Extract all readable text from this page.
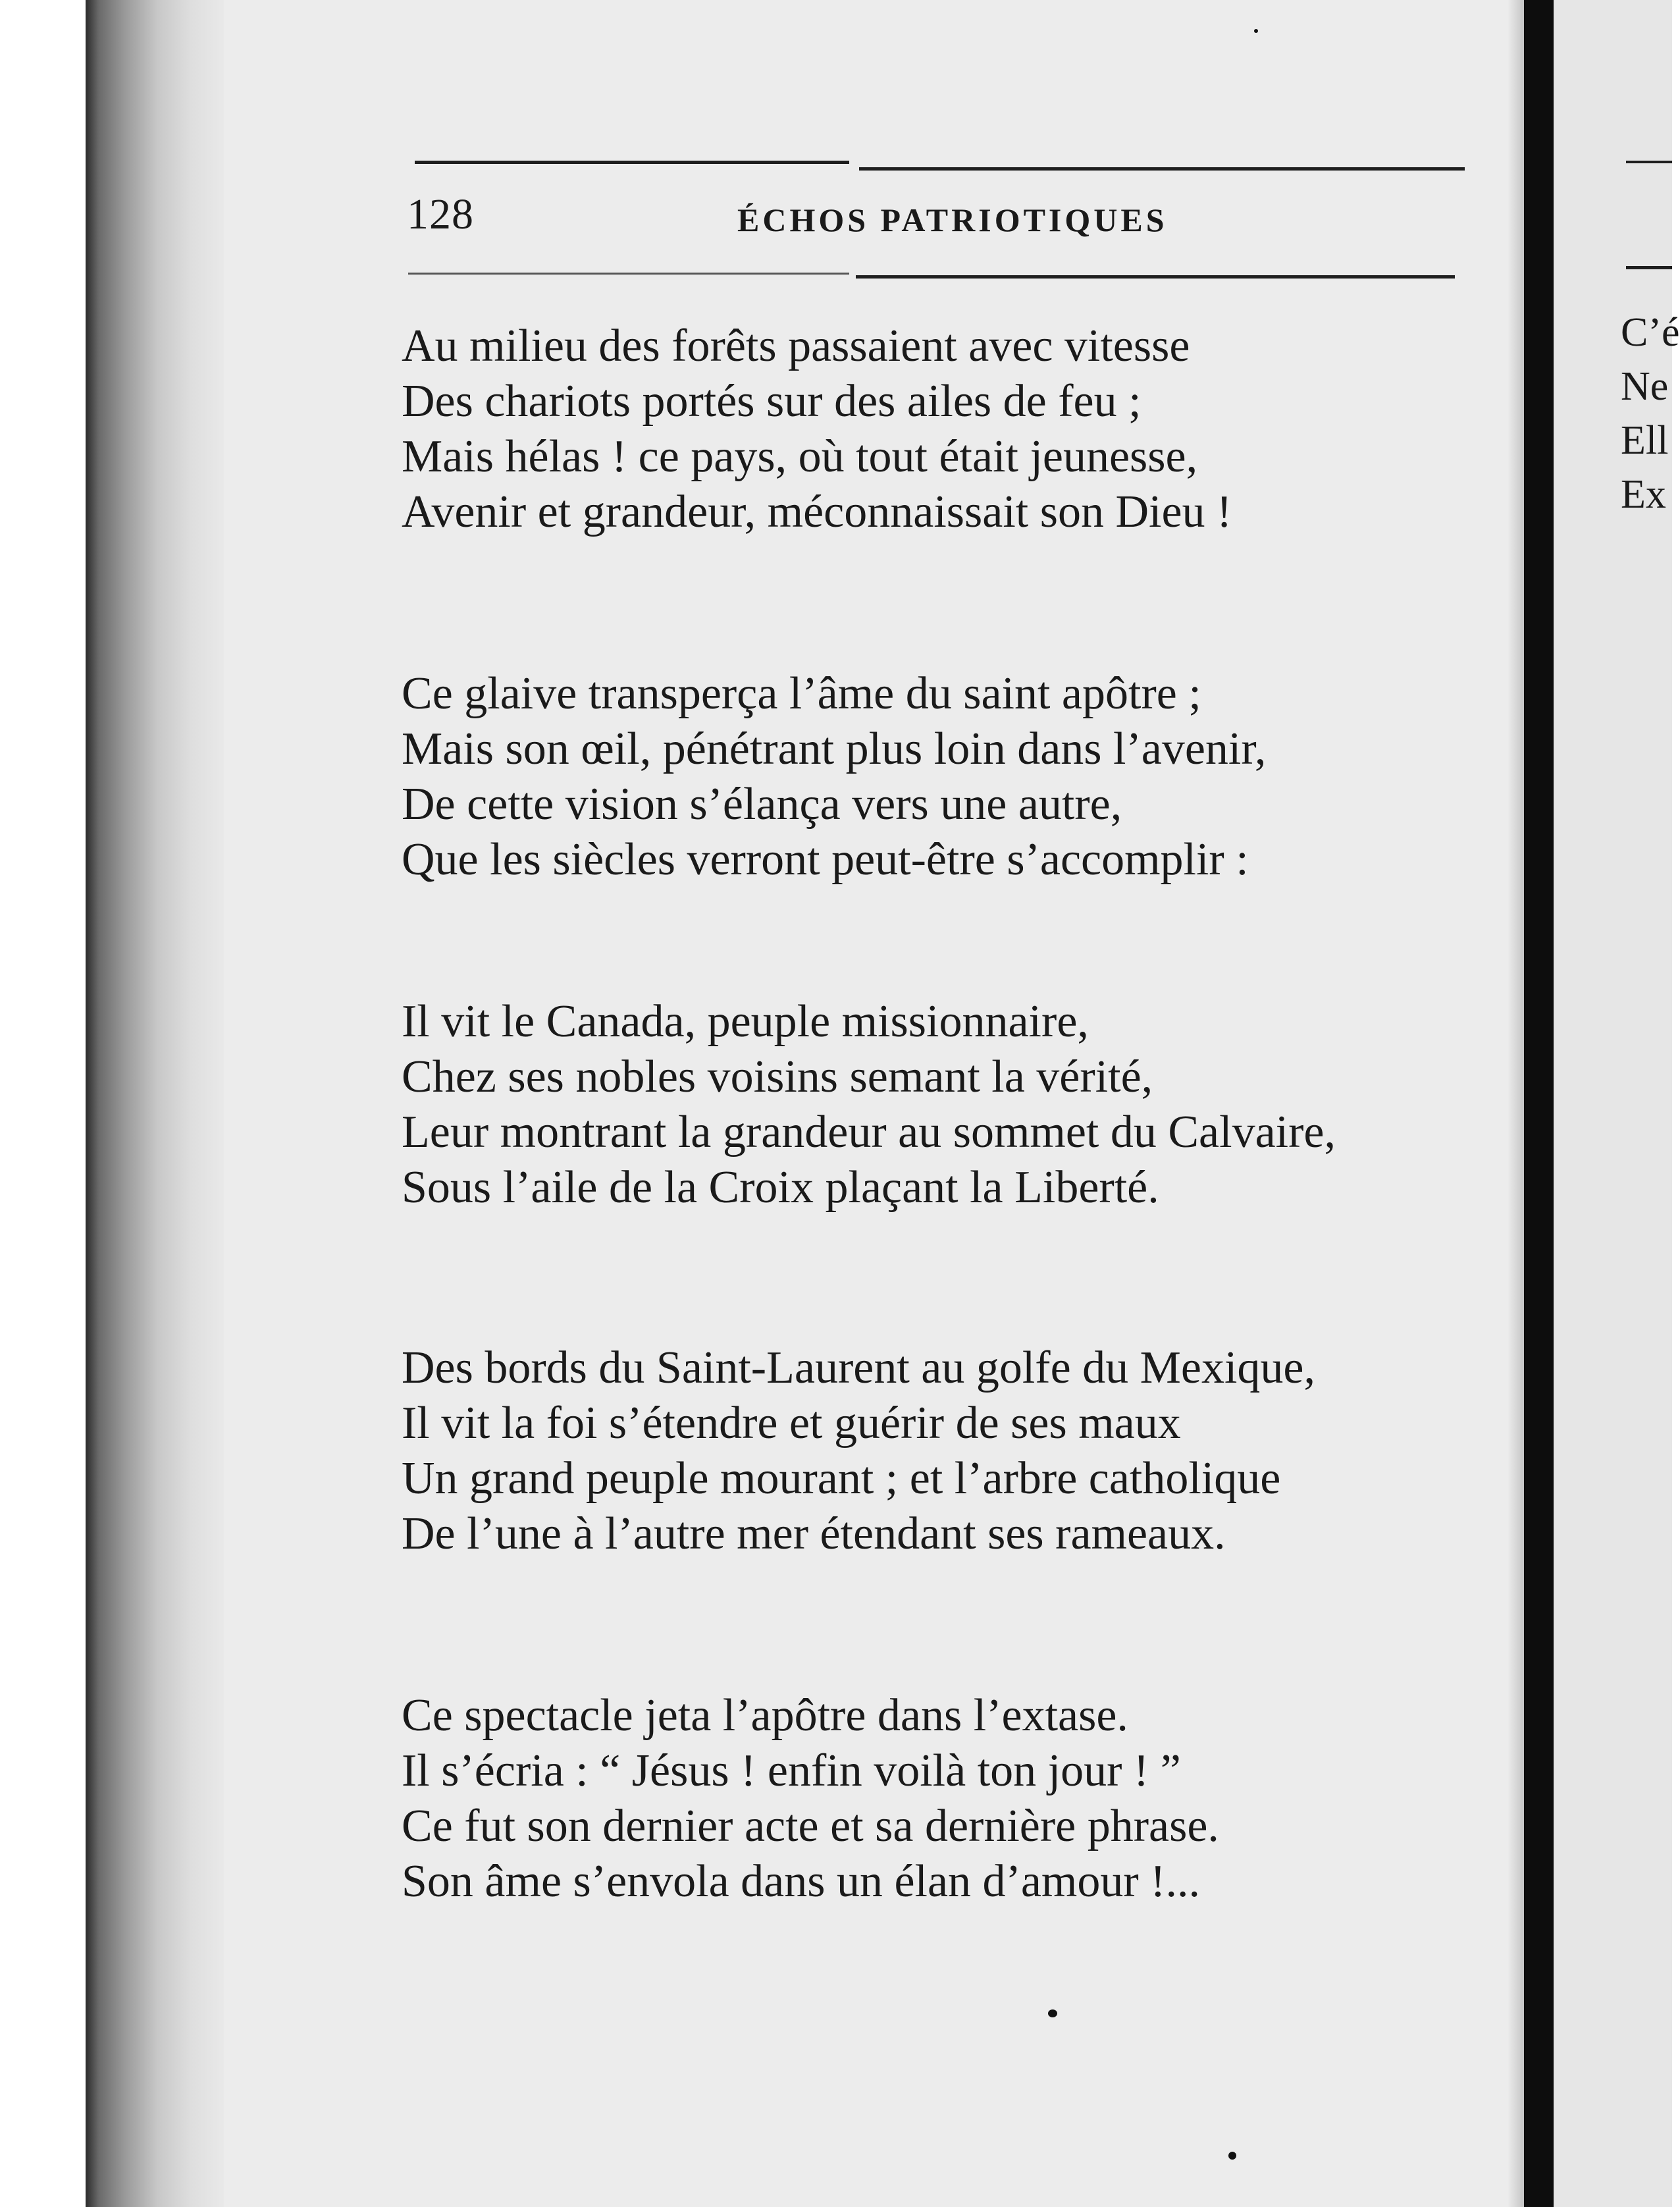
128	ÉCHOS PATRIOTIQUES
Au milieu des forêts passaient avec vitesse
Des chariots portés sur des ailes de feu ;
Mais hélas ! ce pays, où tout était jeunesse,
Avenir et grandeur, méconnaissait son Dieu !
Ce glaive transperça l’âme du saint apôtre ;
Mais son œil, pénétrant plus loin dans l’avenir,
De cette vision s’élança vers une autre,
Que les siècles verront peut-être s’accomplir :
Il vit le Canada, peuple missionnaire,
Chez ses nobles voisins semant la vérité,
Leur montrant la grandeur au sommet du Calvaire,
Sous l’aile de la Croix plaçant la Liberté.
Des bords du Saint-Laurent au golfe du Mexique,
Il vit la foi s’étendre et guérir de ses maux
Un grand peuple mourant ; et l’arbre catholique
De l’une à l’autre mer étendant ses rameaux.
Ce spectacle jeta l’apôtre dans l’extase.
Il s’écria : “ Jésus ! enfin voilà ton jour ! ”
Ce fut son dernier acte et sa dernière phrase.
Son âme s’envola dans un élan d’amour !...
C’é
Ne
Ell
Ex
